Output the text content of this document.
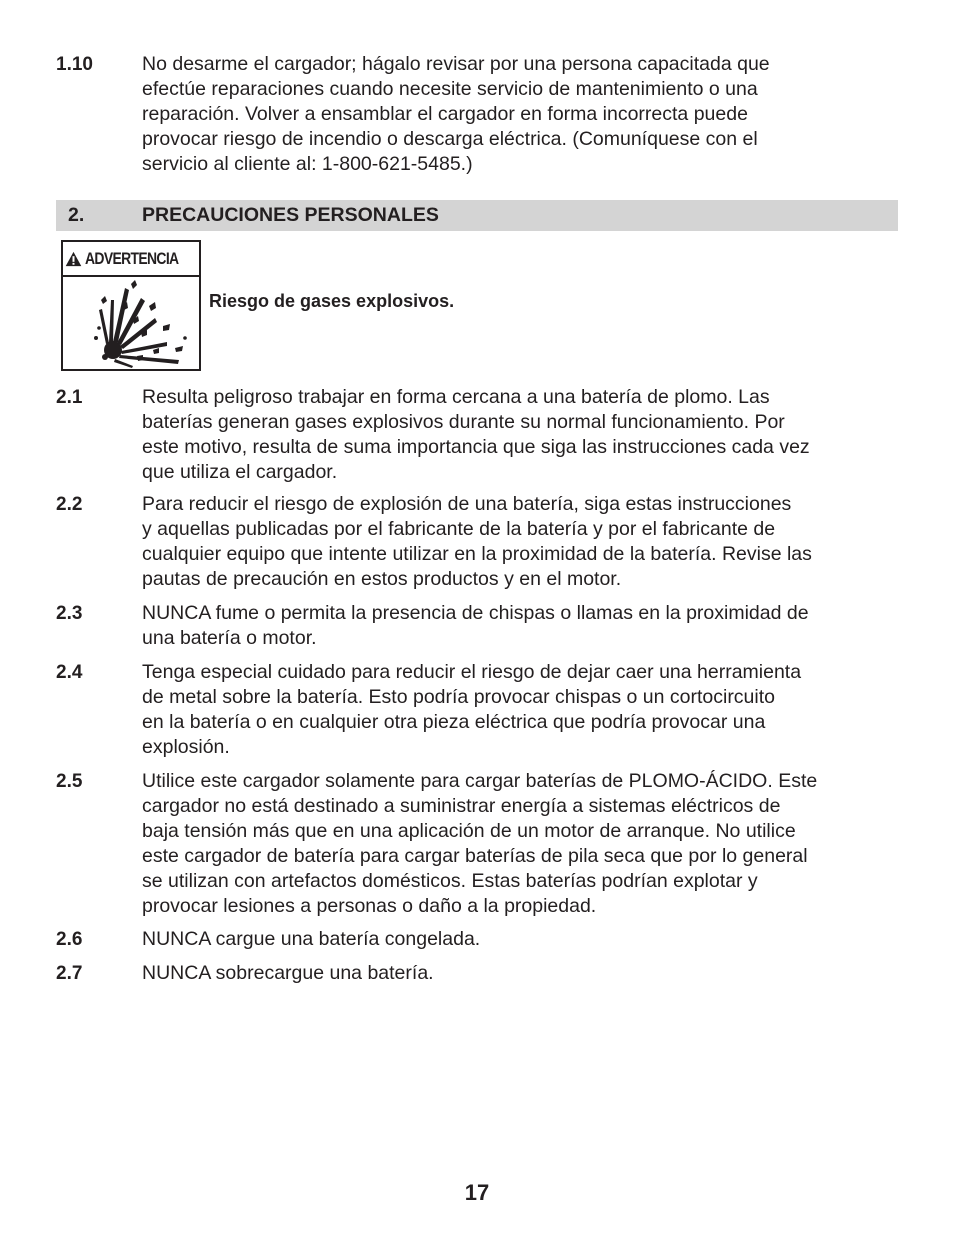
1.10	No desarme el cargador; hágalo revisar por una persona capacitada que
efectúe reparaciones cuando necesite servicio de mantenimiento o una
reparación. Volver a ensamblar el cargador en forma incorrecta puede
provocar riesgo de incendio o descarga eléctrica. (Comuníquese con el
servicio al cliente al: 1-800-621-5485.)
2.	PRECAUCIONES PERSONALES
ADVERTENCIA
Riesgo de gases explosivos.
2.1	Resulta peligroso trabajar en forma cercana a una batería de plomo. Las
baterías generan gases explosivos durante su normal funcionamiento. Por
este motivo, resulta de suma importancia que siga las instrucciones cada vez
que utiliza el cargador.
2.2	Para reducir el riesgo de explosión de una batería, siga estas instrucciones
y aquellas publicadas por el fabricante de la batería y por el fabricante de
cualquier equipo que intente utilizar en la proximidad de la batería. Revise las
pautas de precaución en estos productos y en el motor.
2.3	NUNCA fume o permita la presencia de chispas o llamas en la proximidad de
una batería o motor.
2.4	Tenga especial cuidado para reducir el riesgo de dejar caer una herramienta
de metal sobre la batería. Esto podría provocar chispas o un cortocircuito
en la batería o en cualquier otra pieza eléctrica que podría provocar una
explosión.
2.5	Utilice este cargador solamente para cargar baterías de PLOMO-ÁCIDO. Este
cargador no está destinado a suministrar energía a sistemas eléctricos de
baja tensión más que en una aplicación de un motor de arranque. No utilice
este cargador de batería para cargar baterías de pila seca que por lo general
se utilizan con artefactos domésticos. Estas baterías podrían explotar y
provocar lesiones a personas o daño a la propiedad.
2.6	NUNCA cargue una batería congelada.
2.7	NUNCA sobrecargue una batería.
17
